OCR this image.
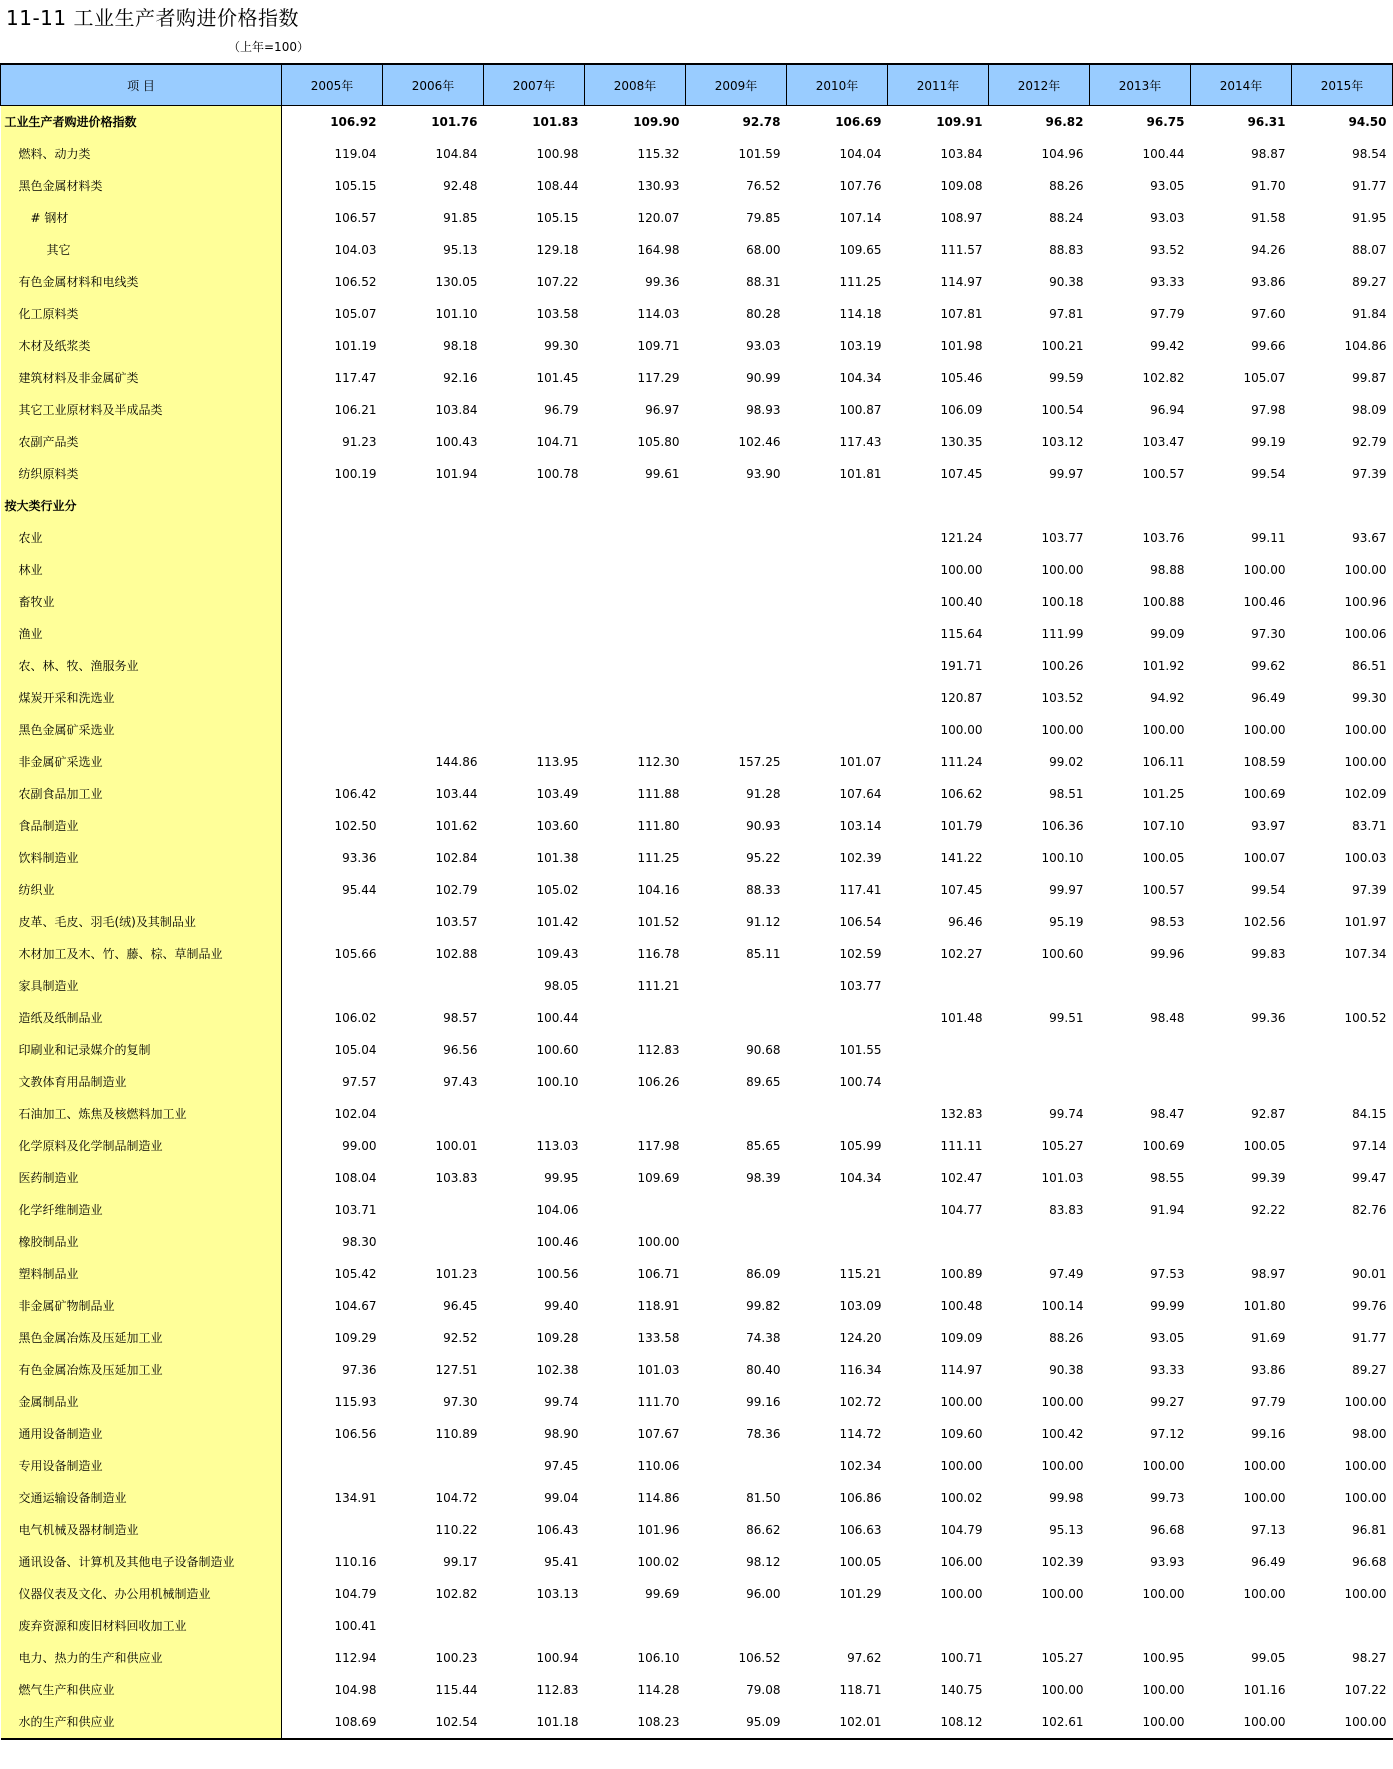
11-11 工业生产者购进价格指数
（上年=100）
项 目	2005年	2006年	2007年	2008年	2009年	2010年	2011年	2012年	2013年	2014年	2015年
工业生产者购进价格指数	106.92	101.76	101.83	109.90	92.78	106.69	109.91	96.82	96.75	96.31	94.50
燃料、动力类	119.04	104.84	100.98	115.32	101.59	104.04	103.84	104.96	100.44	98.87	98.54
黑色金属材料类	105.15	92.48	108.44	130.93	76.52	107.76	109.08	88.26	93.05	91.70	91.77
# 钢材	106.57	91.85	105.15	120.07	79.85	107.14	108.97	88.24	93.03	91.58	91.95
其它	104.03	95.13	129.18	164.98	68.00	109.65	111.57	88.83	93.52	94.26	88.07
有色金属材料和电线类	106.52	130.05	107.22	99.36	88.31	111.25	114.97	90.38	93.33	93.86	89.27
化工原料类	105.07	101.10	103.58	114.03	80.28	114.18	107.81	97.81	97.79	97.60	91.84
木材及纸浆类	101.19	98.18	99.30	109.71	93.03	103.19	101.98	100.21	99.42	99.66	104.86
建筑材料及非金属矿类	117.47	92.16	101.45	117.29	90.99	104.34	105.46	99.59	102.82	105.07	99.87
其它工业原材料及半成品类	106.21	103.84	96.79	96.97	98.93	100.87	106.09	100.54	96.94	97.98	98.09
农副产品类	91.23	100.43	104.71	105.80	102.46	117.43	130.35	103.12	103.47	99.19	92.79
纺织原料类	100.19	101.94	100.78	99.61	93.90	101.81	107.45	99.97	100.57	99.54	97.39
按大类行业分											
农业							121.24	103.77	103.76	99.11	93.67
林业							100.00	100.00	98.88	100.00	100.00
畜牧业							100.40	100.18	100.88	100.46	100.96
渔业							115.64	111.99	99.09	97.30	100.06
农、林、牧、渔服务业							191.71	100.26	101.92	99.62	86.51
煤炭开采和洗选业							120.87	103.52	94.92	96.49	99.30
黑色金属矿采选业							100.00	100.00	100.00	100.00	100.00
非金属矿采选业		144.86	113.95	112.30	157.25	101.07	111.24	99.02	106.11	108.59	100.00
农副食品加工业	106.42	103.44	103.49	111.88	91.28	107.64	106.62	98.51	101.25	100.69	102.09
食品制造业	102.50	101.62	103.60	111.80	90.93	103.14	101.79	106.36	107.10	93.97	83.71
饮料制造业	93.36	102.84	101.38	111.25	95.22	102.39	141.22	100.10	100.05	100.07	100.03
纺织业	95.44	102.79	105.02	104.16	88.33	117.41	107.45	99.97	100.57	99.54	97.39
皮革、毛皮、羽毛(绒)及其制品业		103.57	101.42	101.52	91.12	106.54	96.46	95.19	98.53	102.56	101.97
木材加工及木、竹、藤、棕、草制品业	105.66	102.88	109.43	116.78	85.11	102.59	102.27	100.60	99.96	99.83	107.34
家具制造业			98.05	111.21		103.77					
造纸及纸制品业	106.02	98.57	100.44				101.48	99.51	98.48	99.36	100.52
印刷业和记录媒介的复制	105.04	96.56	100.60	112.83	90.68	101.55					
文教体育用品制造业	97.57	97.43	100.10	106.26	89.65	100.74					
石油加工、炼焦及核燃料加工业	102.04						132.83	99.74	98.47	92.87	84.15
化学原料及化学制品制造业	99.00	100.01	113.03	117.98	85.65	105.99	111.11	105.27	100.69	100.05	97.14
医药制造业	108.04	103.83	99.95	109.69	98.39	104.34	102.47	101.03	98.55	99.39	99.47
化学纤维制造业	103.71		104.06				104.77	83.83	91.94	92.22	82.76
橡胶制品业	98.30		100.46	100.00							
塑料制品业	105.42	101.23	100.56	106.71	86.09	115.21	100.89	97.49	97.53	98.97	90.01
非金属矿物制品业	104.67	96.45	99.40	118.91	99.82	103.09	100.48	100.14	99.99	101.80	99.76
黑色金属冶炼及压延加工业	109.29	92.52	109.28	133.58	74.38	124.20	109.09	88.26	93.05	91.69	91.77
有色金属冶炼及压延加工业	97.36	127.51	102.38	101.03	80.40	116.34	114.97	90.38	93.33	93.86	89.27
金属制品业	115.93	97.30	99.74	111.70	99.16	102.72	100.00	100.00	99.27	97.79	100.00
通用设备制造业	106.56	110.89	98.90	107.67	78.36	114.72	109.60	100.42	97.12	99.16	98.00
专用设备制造业			97.45	110.06		102.34	100.00	100.00	100.00	100.00	100.00
交通运输设备制造业	134.91	104.72	99.04	114.86	81.50	106.86	100.02	99.98	99.73	100.00	100.00
电气机械及器材制造业		110.22	106.43	101.96	86.62	106.63	104.79	95.13	96.68	97.13	96.81
通讯设备、计算机及其他电子设备制造业	110.16	99.17	95.41	100.02	98.12	100.05	106.00	102.39	93.93	96.49	96.68
仪器仪表及文化、办公用机械制造业	104.79	102.82	103.13	99.69	96.00	101.29	100.00	100.00	100.00	100.00	100.00
废弃资源和废旧材料回收加工业	100.41										
电力、热力的生产和供应业	112.94	100.23	100.94	106.10	106.52	97.62	100.71	105.27	100.95	99.05	98.27
燃气生产和供应业	104.98	115.44	112.83	114.28	79.08	118.71	140.75	100.00	100.00	101.16	107.22
水的生产和供应业	108.69	102.54	101.18	108.23	95.09	102.01	108.12	102.61	100.00	100.00	100.00
